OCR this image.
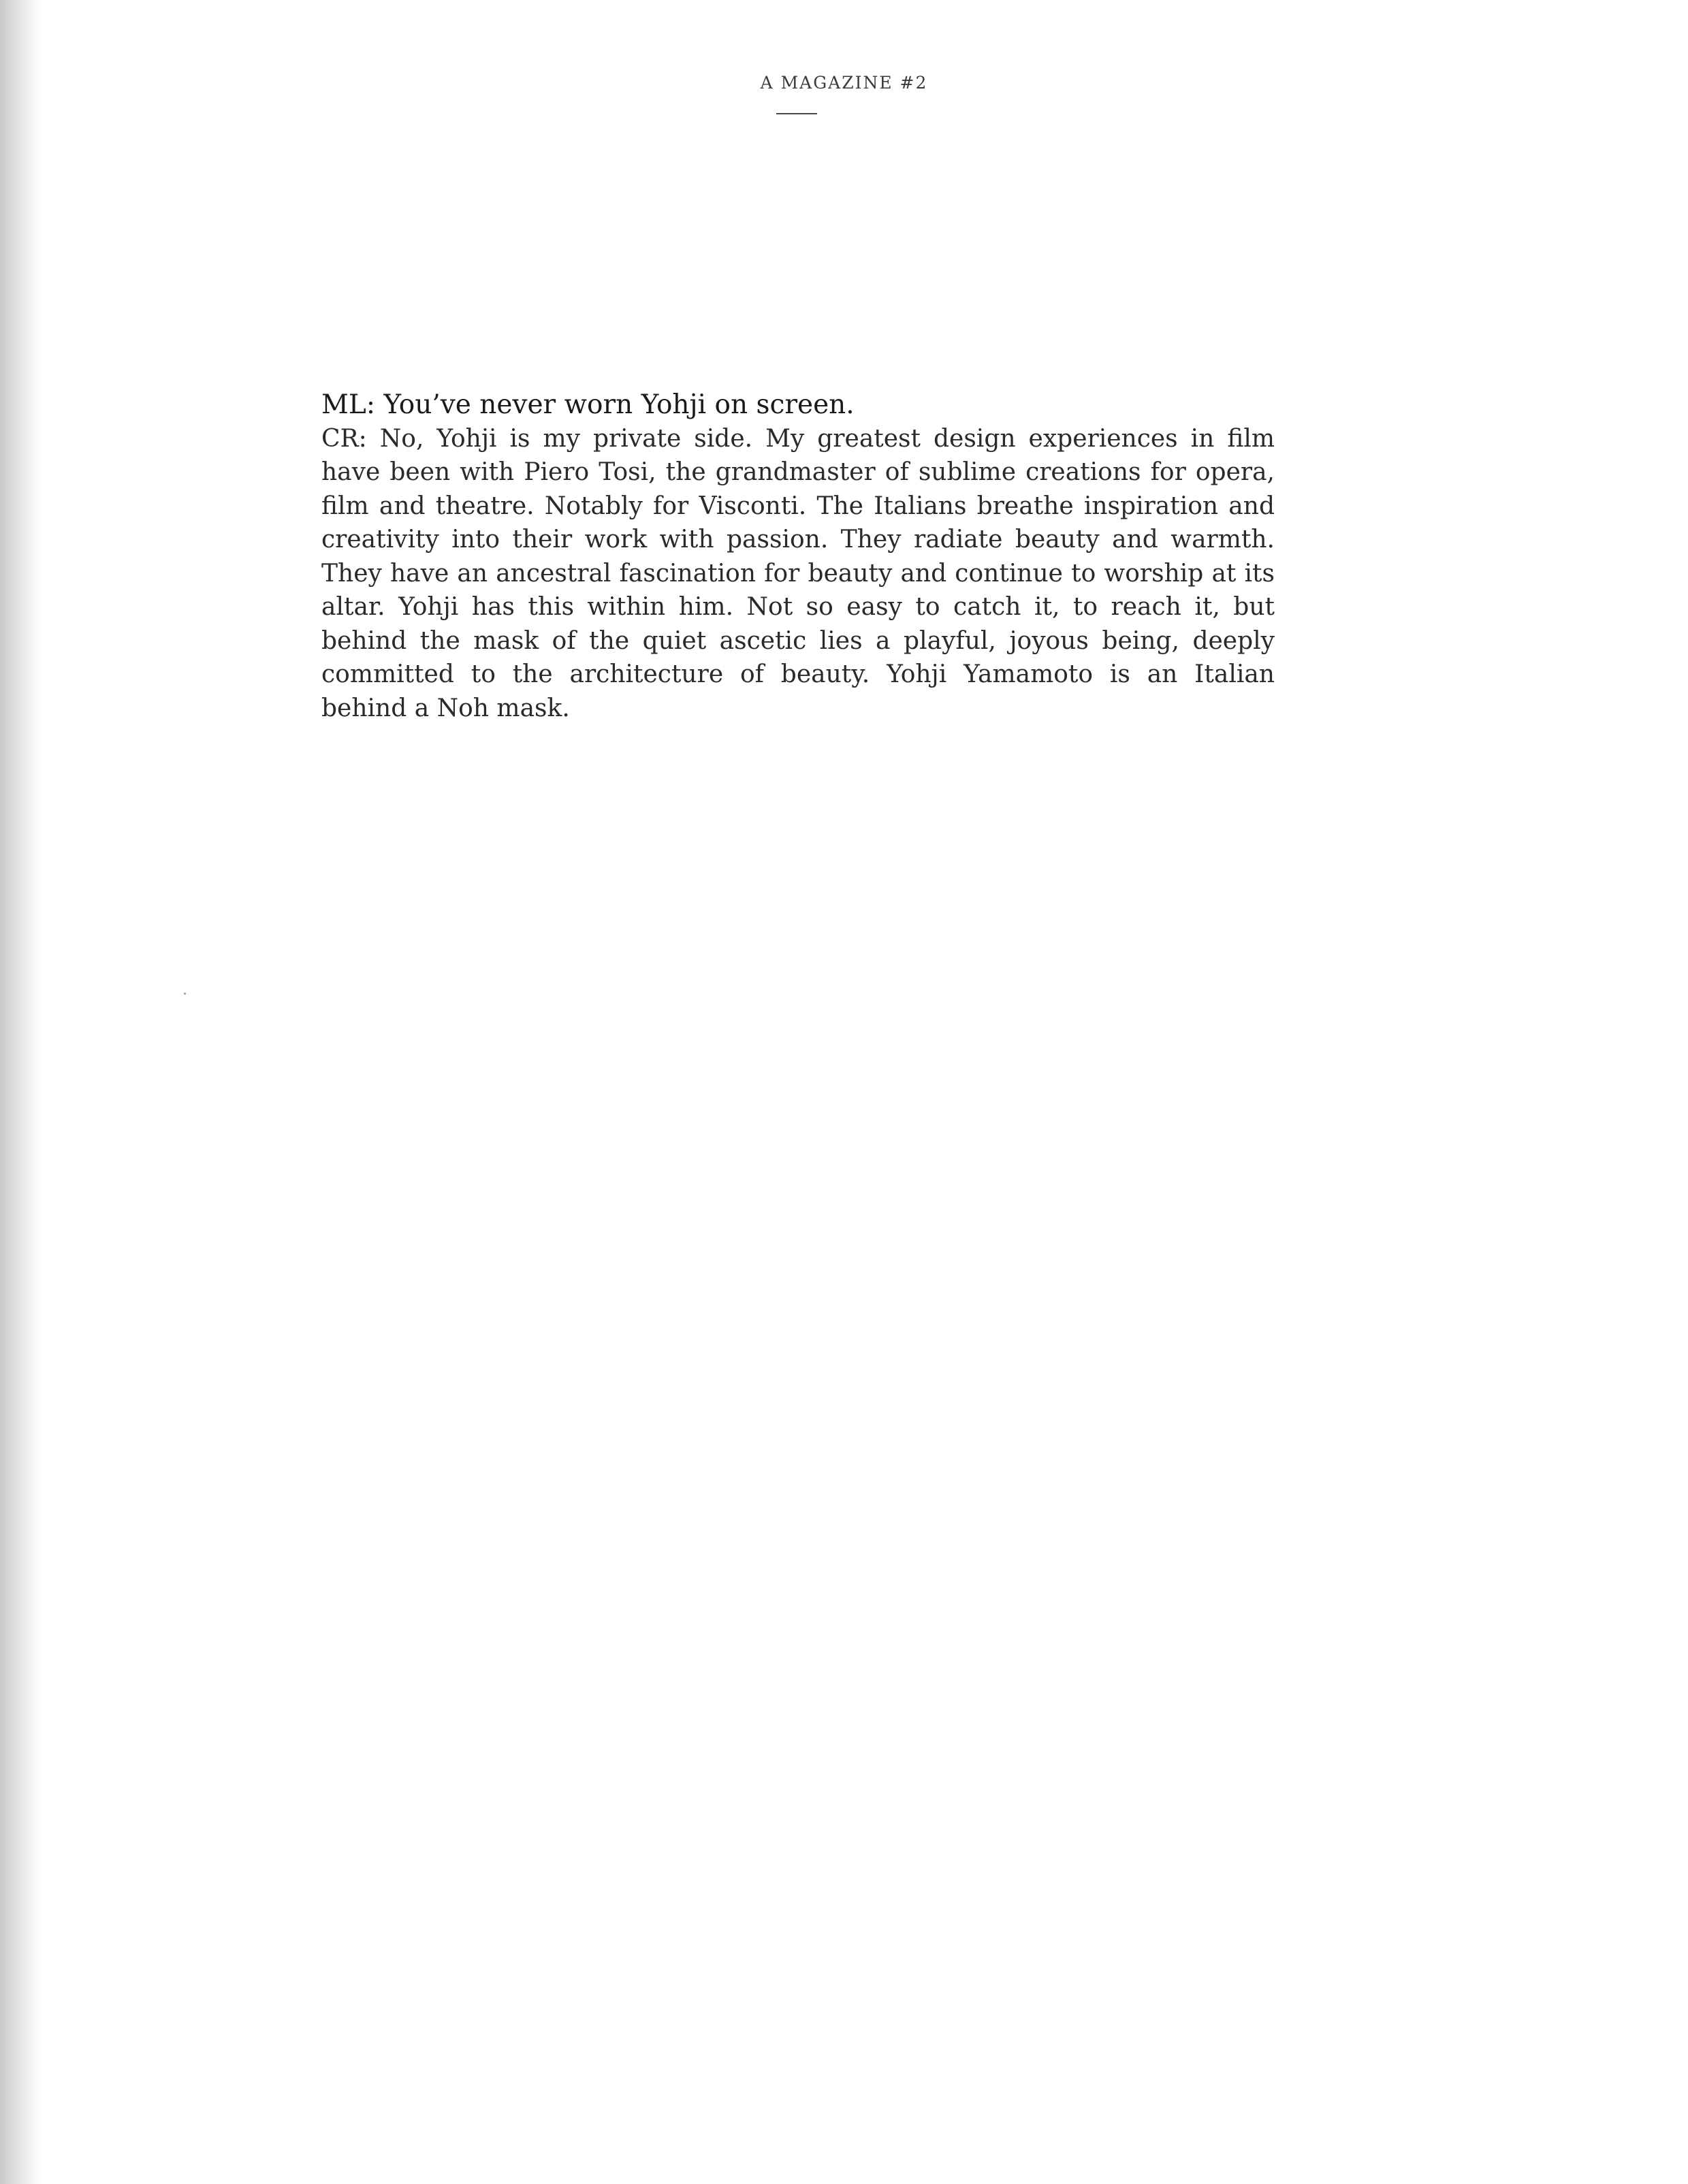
A MAGAZINE #2

ML: You’ve never worn Yohji on screen.

CR: No, Yohji is my private side. My greatest design experiences in film have been with Piero Tosi, the grandmaster of sublime creations for opera, film and theatre. Notably for Visconti. The Italians breathe inspiration and creativity into their work with passion. They radiate beauty and warmth. They have an ancestral fascination for beauty and continue to worship at its altar. Yohji has this within him. Not so easy to catch it, to reach it, but behind the mask of the quiet ascetic lies a playful, joyous being, deeply committed to the architecture of beauty. Yohji Yamamoto is an Italian behind a Noh mask.
